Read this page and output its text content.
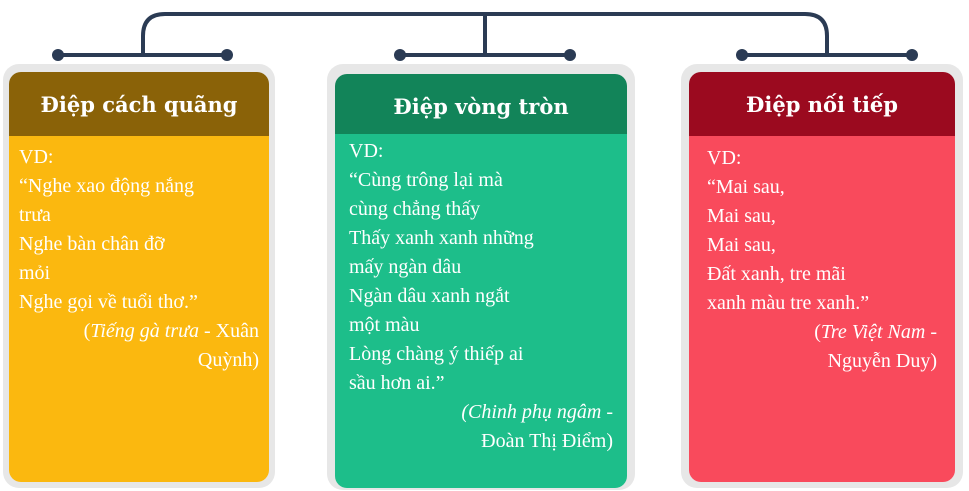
Điệp cách quãng
VD:
“Nghe xao động nắng
trưa
Nghe bàn chân đỡ
mỏi
Nghe gọi về tuổi thơ.”
(Tiếng gà trưa - Xuân
Quỳnh)
Điệp vòng tròn
VD:
“Cùng trông lại mà
cùng chẳng thấy
Thấy xanh xanh những
mấy ngàn dâu
Ngàn dâu xanh ngắt
một màu
Lòng chàng ý thiếp ai
sầu hơn ai.”
(Chinh phụ ngâm -
Đoàn Thị Điểm)
Điệp nối tiếp
VD:
“Mai sau,
Mai sau,
Mai sau,
Đất xanh, tre mãi
xanh màu tre xanh.”
(Tre Việt Nam -
Nguyễn Duy)
